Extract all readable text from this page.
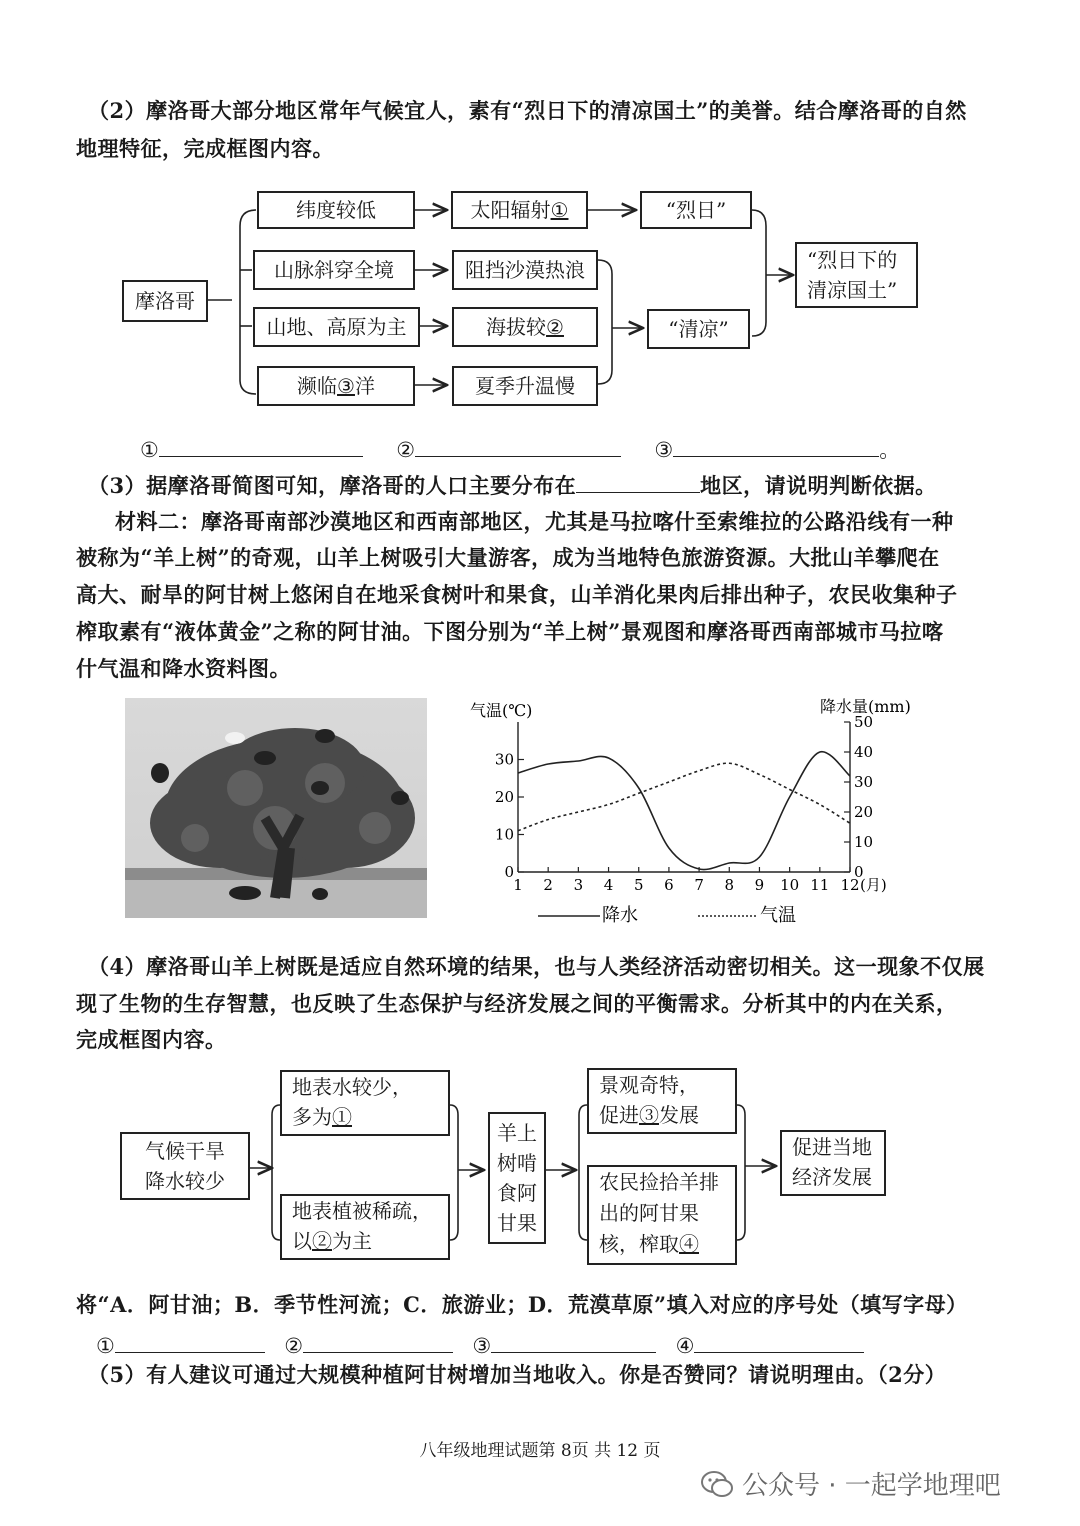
（2）摩洛哥大部分地区常年气候宜人，素有“烈日下的清凉国土”的美誉。结合摩洛哥的自然
地理特征，完成框图内容。
摩洛哥
纬度较低
山脉斜穿全境
山地、高原为主
濒临 ③ 洋
太阳辐射 ①
阻挡沙漠热浪
海拔较 ②
夏季升温慢
“烈日”
“清凉”
“烈日下的
清凉国土”
①	②	③	。
（3）据摩洛哥简图可知，摩洛哥的人口主要分布在	地区，请说明判断依据。
材料二：摩洛哥南部沙漠地区和西南部地区，尤其是马拉喀什至索维拉的公路沿线有一种
被称为“羊上树”的奇观，山羊上树吸引大量游客，成为当地特色旅游资源。大批山羊攀爬在
高大、耐旱的阿甘树上悠闲自在地采食树叶和果食，山羊消化果肉后排出种子，农民收集种子
榨取素有“液体黄金”之称的阿甘油。下图分别为“羊上树”景观图和摩洛哥西南部城市马拉喀
什气温和降水资料图。
气温(℃)	降水量(mm)
降水	气温
0
10
20
30
0
10
20
30
40
50
1 2 3 4 5 6 7 8 9 10 11 12 (月)
（4）摩洛哥山羊上树既是适应自然环境的结果，也与人类经济活动密切相关。这一现象不仅展
现了生物的生存智慧，也反映了生态保护与经济发展之间的平衡需求。分析其中的内在关系，
完成框图内容。
气候干旱
降水较少
地表水较少，
多为①
地表植被稀疏，
以②为主
羊上
树啃
食阿
甘果
景观奇特，
促进③发展
农民捡拾羊排
出的阿甘果
核，榨取④
促进当地
经济发展
将“A．阿甘油；B．季节性河流；C．旅游业；D．荒漠草原”填入对应的序号处（填写字母）
①	②	③	④
（5）有人建议可通过大规模种植阿甘树增加当地收入。你是否赞同？请说明理由。（2分）
八年级地理试题第 8页 共 12 页
公众号 · 一起学地理吧
